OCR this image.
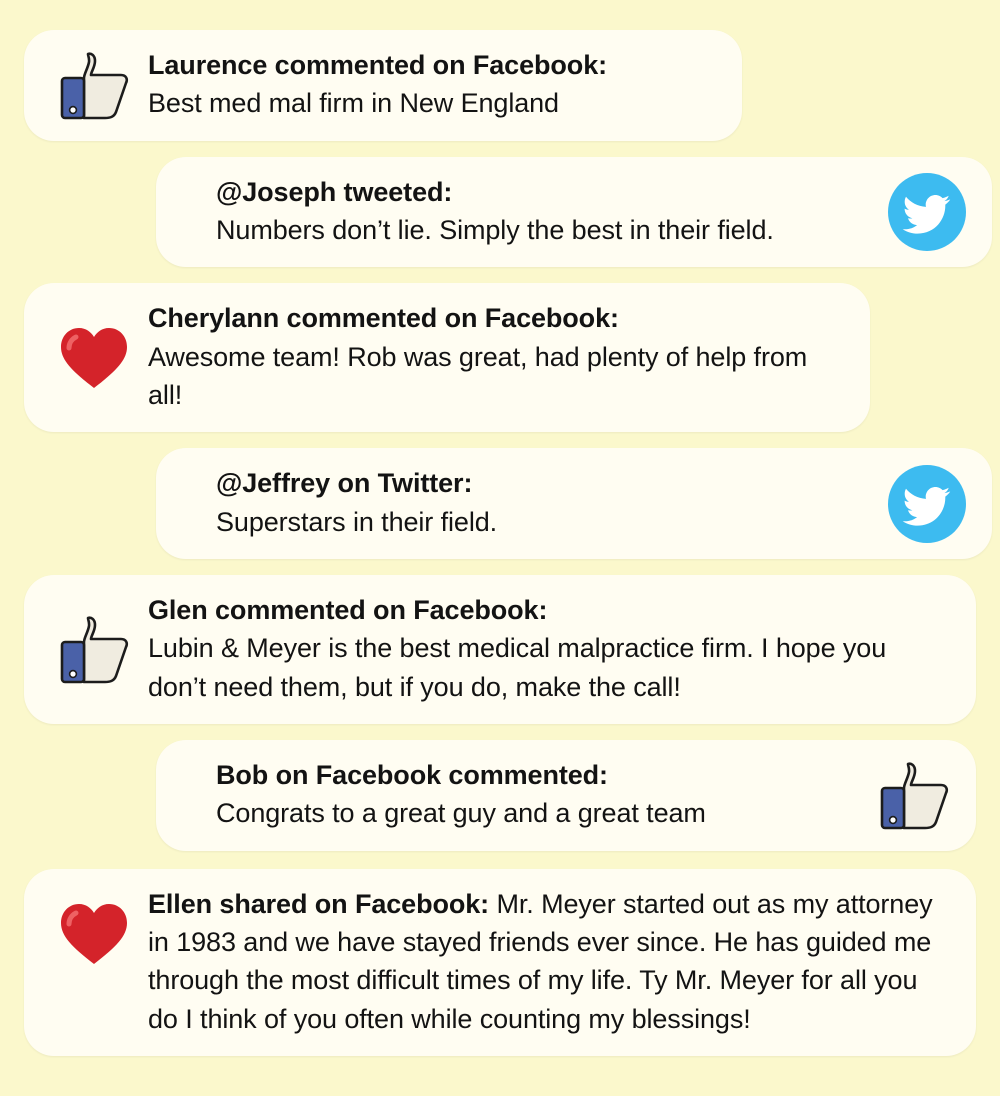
Laurence commented on Facebook:
Best med mal firm in New England
@Joseph tweeted:
Numbers don’t lie. Simply the best in their field.
Cherylann commented on Facebook:
Awesome team! Rob was great, had plenty of help from all!
@Jeffrey on Twitter:
Superstars in their field.
Glen commented on Facebook:
Lubin & Meyer is the best medical malpractice firm. I hope you don’t need them, but if you do, make the call!
Bob on Facebook commented:
Congrats to a great guy and a great team
Ellen shared on Facebook: Mr. Meyer started out as my attorney in 1983 and we have stayed friends ever since. He has guided me through the most difficult times of my life. Ty Mr. Meyer for all you do I think of you often while counting my blessings!
